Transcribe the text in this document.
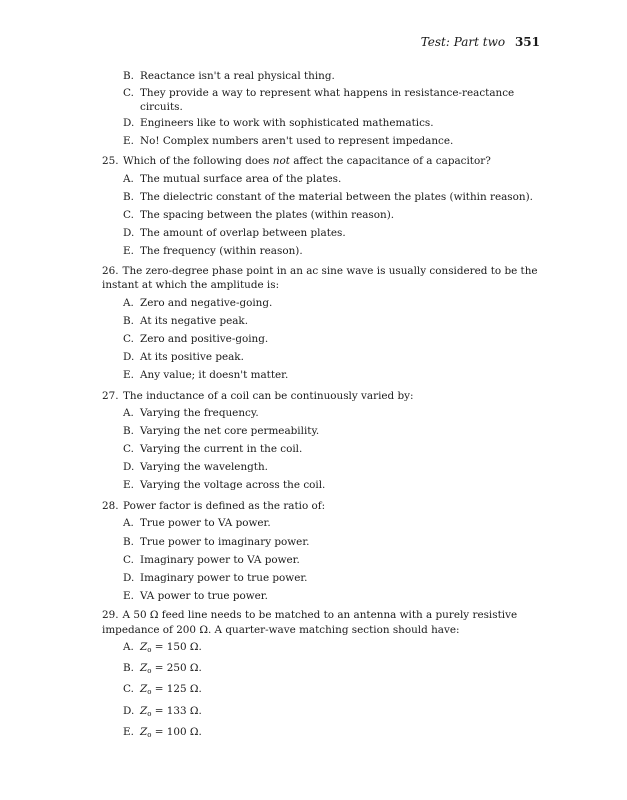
Test: Part two 351
B. Reactance isn't a real physical thing.
C. They provide a way to represent what happens in resistance-reactance circuits.
D. Engineers like to work with sophisticated mathematics.
E. No! Complex numbers aren't used to represent impedance.
25. Which of the following does not affect the capacitance of a capacitor?
A. The mutual surface area of the plates.
B. The dielectric constant of the material between the plates (within reason).
C. The spacing between the plates (within reason).
D. The amount of overlap between plates.
E. The frequency (within reason).
26. The zero-degree phase point in an ac sine wave is usually considered to be the instant at which the amplitude is:
A. Zero and negative-going.
B. At its negative peak.
C. Zero and positive-going.
D. At its positive peak.
E. Any value; it doesn't matter.
27. The inductance of a coil can be continuously varied by:
A. Varying the frequency.
B. Varying the net core permeability.
C. Varying the current in the coil.
D. Varying the wavelength.
E. Varying the voltage across the coil.
28. Power factor is defined as the ratio of:
A. True power to VA power.
B. True power to imaginary power.
C. Imaginary power to VA power.
D. Imaginary power to true power.
E. VA power to true power.
29. A 50 Ω feed line needs to be matched to an antenna with a purely resistive impedance of 200 Ω. A quarter-wave matching section should have:
A. $Z_o = 150$ Ω.
B. $Z_o = 250$ Ω.
C. $Z_o = 125$ Ω.
D. $Z_o = 133$ Ω.
E. $Z_o = 100$ Ω.
